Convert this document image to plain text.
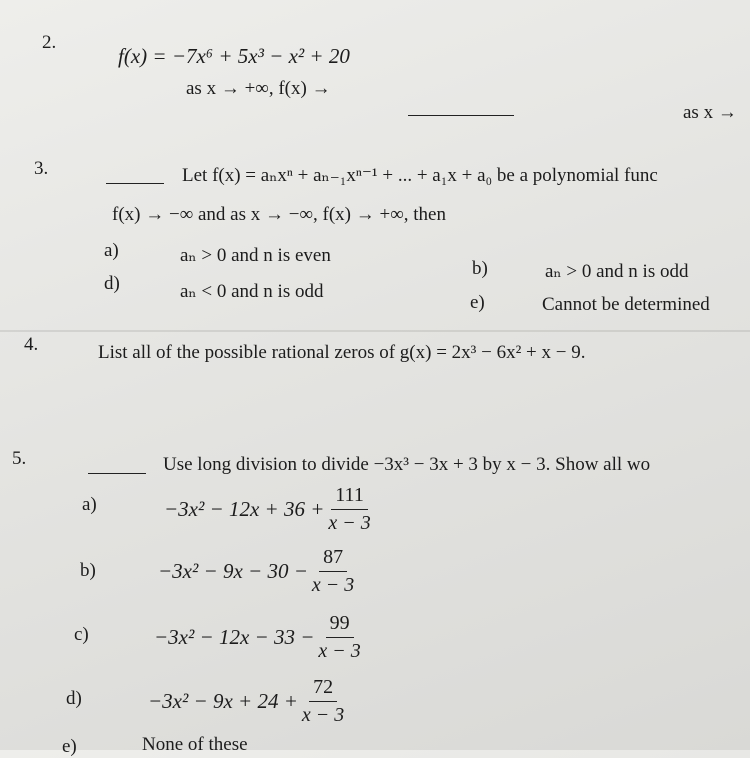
2.
f(x) = −7x⁶ + 5x³ − x² + 20
as x → +∞, f(x) →
as x →
3.	Let f(x) = aₙxⁿ + aₙ₋₁xⁿ⁻¹ + ... + a₁x + a₀ be a polynomial func
f(x) → −∞ and as x → −∞, f(x) → +∞, then
a)	aₙ > 0 and n is even
b)	aₙ > 0 and n is odd
d)	aₙ < 0 and n is odd
e)	Cannot be determined
4.	List all of the possible rational zeros of g(x) = 2x³ − 6x² + x − 9.
5.	Use long division to divide −3x³ − 3x + 3 by x − 3. Show all wo
a)	$-3x^2 - 12x + 36 + \frac{111}{x - 3}$
b)	$-3x^2 - 9x - 30 - \frac{87}{x - 3}$
c)	$-3x^2 - 12x - 33 - \frac{99}{x - 3}$
d)	$-3x^2 - 9x + 24 + \frac{72}{x - 3}$
e)	None of these
